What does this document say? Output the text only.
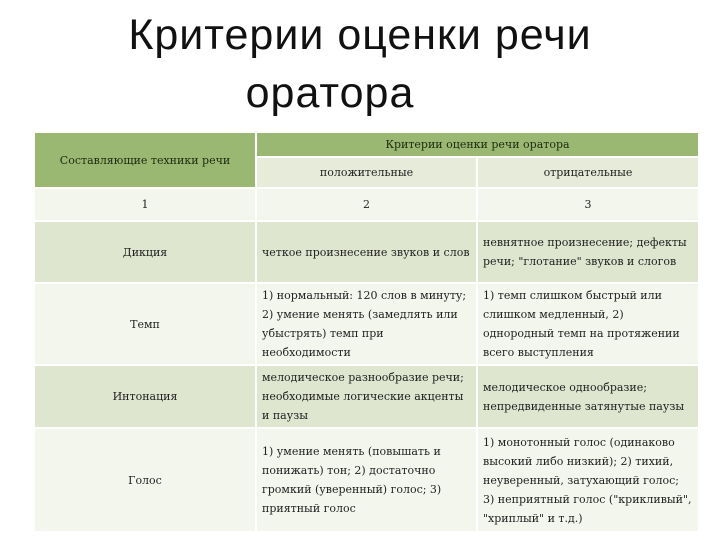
Критерии оценки речи
оратора
Составляющие техники речи	Критерии оценки речи оратора	
	положительные	отрицательные
1	2	3
Дикция	четкое произнесение звуков и слов	невнятное произнесение; дефекты речи; "глотание" звуков и слогов
Темп	1) нормальный: 120 слов в минуту; 2) умение менять (замедлять или убыстрять) темп при необходимости	1) темп слишком быстрый или слишком медленный, 2) однородный темп на протяжении всего выступления
Интонация	мелодическое разнообразие речи; необходимые логические акценты и паузы	мелодическое однообразие; непредвиденные затянутые паузы
Голос	1) умение менять (повышать и понижать) тон; 2) достаточно громкий (уверенный) голос; 3) приятный голос	1) монотонный голос (одинаково высокий либо низкий); 2) тихий, неуверенный, затухающий голос; 3) неприятный голос ("крикливый", "хриплый" и т.д.)
